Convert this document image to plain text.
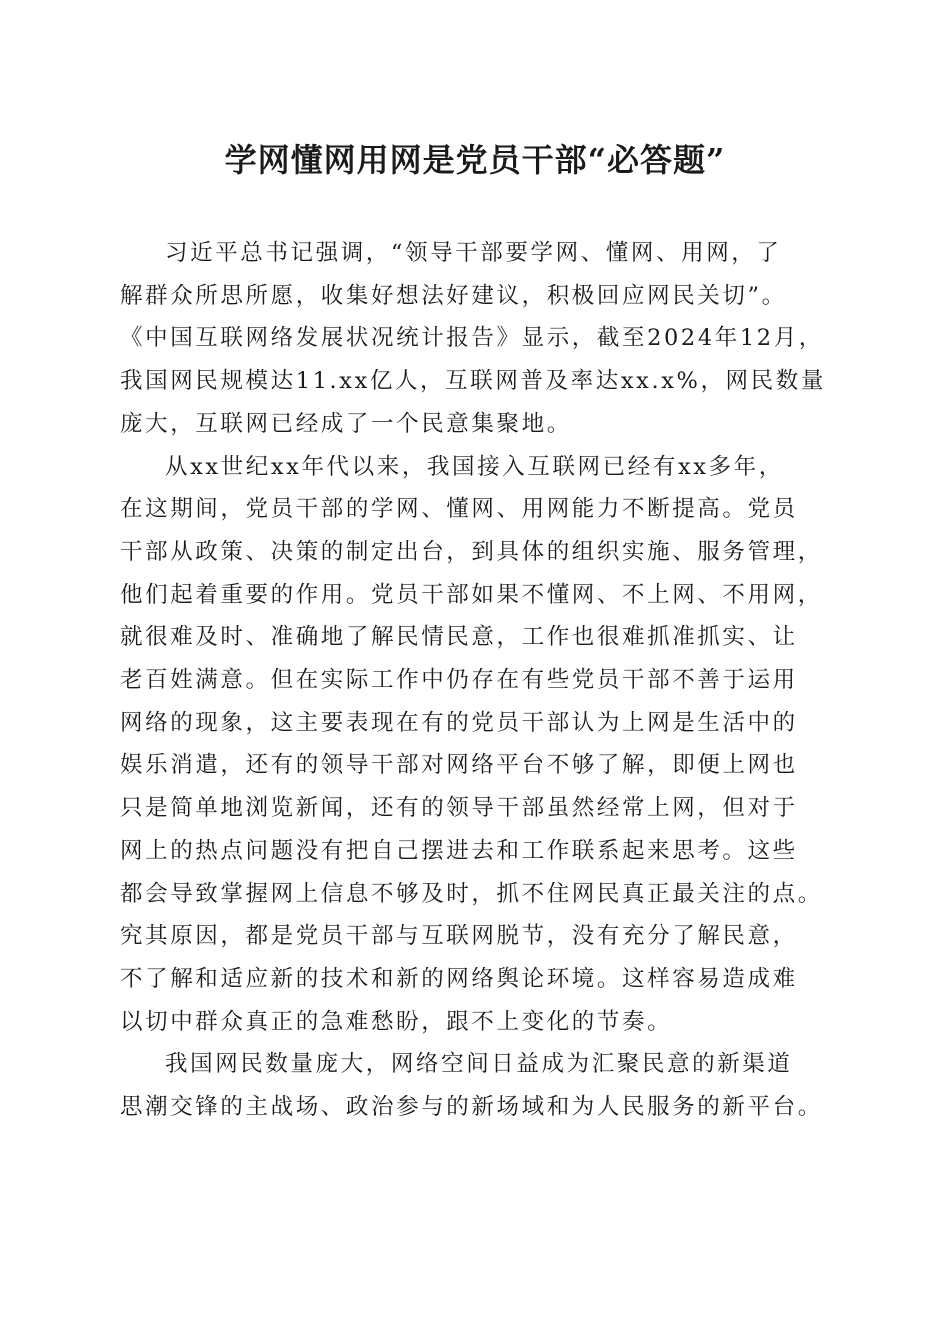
学网懂网用网是党员干部“必答题”

习近平总书记强调，“领导干部要学网、懂网、用网，了
解群众所思所愿，收集好想法好建议，积极回应网民关切”。
《中国互联网络发展状况统计报告》显示，截至2024年12月，
我国网民规模达11.xx亿人，互联网普及率达xx.x%，网民数量
庞大，互联网已经成了一个民意集聚地。

从xx世纪xx年代以来，我国接入互联网已经有xx多年，
在这期间，党员干部的学网、懂网、用网能力不断提高。党员
干部从政策、决策的制定出台，到具体的组织实施、服务管理，
他们起着重要的作用。党员干部如果不懂网、不上网、不用网，
就很难及时、准确地了解民情民意，工作也很难抓准抓实、让
老百姓满意。但在实际工作中仍存在有些党员干部不善于运用
网络的现象，这主要表现在有的党员干部认为上网是生活中的
娱乐消遣，还有的领导干部对网络平台不够了解，即便上网也
只是简单地浏览新闻，还有的领导干部虽然经常上网，但对于
网上的热点问题没有把自己摆进去和工作联系起来思考。这些
都会导致掌握网上信息不够及时，抓不住网民真正最关注的点。
究其原因，都是党员干部与互联网脱节，没有充分了解民意，
不了解和适应新的技术和新的网络舆论环境。这样容易造成难
以切中群众真正的急难愁盼，跟不上变化的节奏。

我国网民数量庞大，网络空间日益成为汇聚民意的新渠道
思潮交锋的主战场、政治参与的新场域和为人民服务的新平台。
